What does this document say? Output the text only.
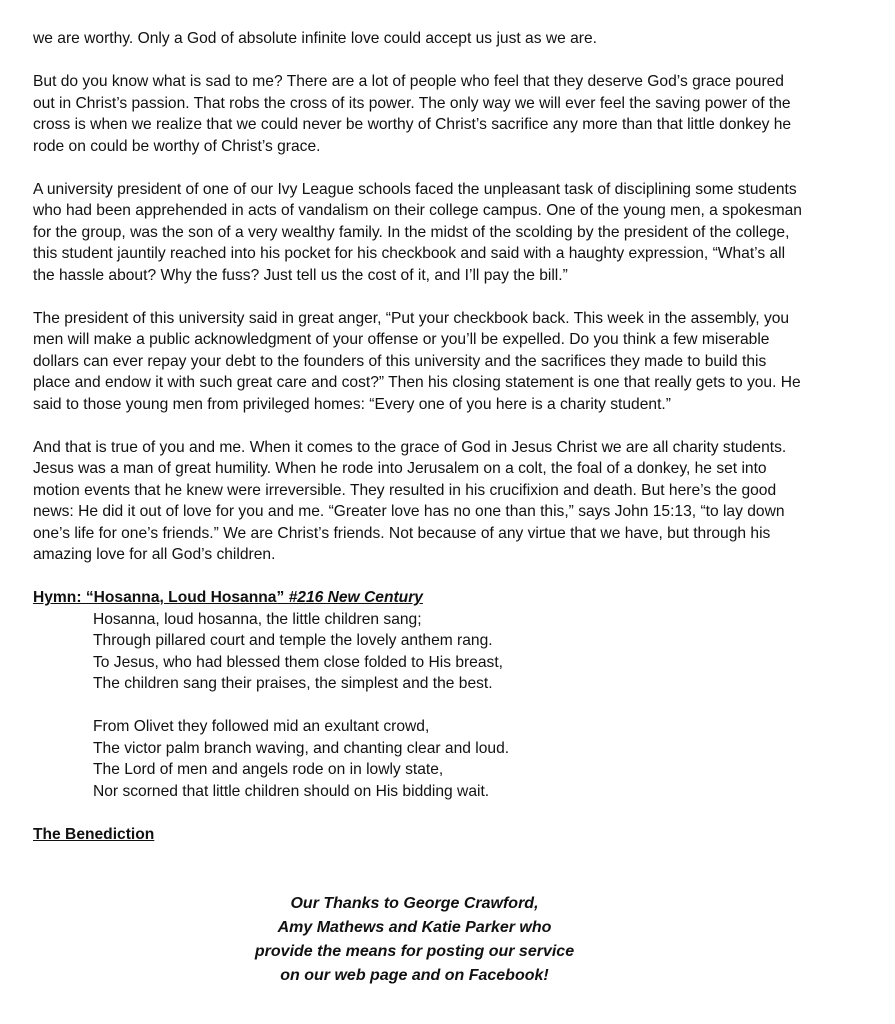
we are worthy. Only a God of absolute infinite love could accept us just as we are.

But do you know what is sad to me? There are a lot of people who feel that they deserve God’s grace poured
out in Christ’s passion. That robs the cross of its power. The only way we will ever feel the saving power of the
cross is when we realize that we could never be worthy of Christ’s sacrifice any more than that little donkey he
rode on could be worthy of Christ’s grace.

A university president of one of our Ivy League schools faced the unpleasant task of disciplining some students
who had been apprehended in acts of vandalism on their college campus. One of the young men, a spokesman
for the group, was the son of a very wealthy family. In the midst of the scolding by the president of the college,
this student jauntily reached into his pocket for his checkbook and said with a haughty expression, “What’s all
the hassle about? Why the fuss? Just tell us the cost of it, and I’ll pay the bill.”

The president of this university said in great anger, “Put your checkbook back. This week in the assembly, you
men will make a public acknowledgment of your offense or you’ll be expelled. Do you think a few miserable
dollars can ever repay your debt to the founders of this university and the sacrifices they made to build this
place and endow it with such great care and cost?” Then his closing statement is one that really gets to you. He
said to those young men from privileged homes: “Every one of you here is a charity student.”

And that is true of you and me. When it comes to the grace of God in Jesus Christ we are all charity students.
Jesus was a man of great humility. When he rode into Jerusalem on a colt, the foal of a donkey, he set into
motion events that he knew were irreversible. They resulted in his crucifixion and death. But here’s the good
news: He did it out of love for you and me. “Greater love has no one than this,” says John 15:13, “to lay down
one’s life for one’s friends.” We are Christ’s friends. Not because of any virtue that we have, but through his
amazing love for all God’s children.

Hymn: “Hosanna, Loud Hosanna” #216 New Century

Hosanna, loud hosanna, the little children sang;
Through pillared court and temple the lovely anthem rang.
To Jesus, who had blessed them close folded to His breast,
The children sang their praises, the simplest and the best.
From Olivet they followed mid an exultant crowd,
The victor palm branch waving, and chanting clear and loud.
The Lord of men and angels rode on in lowly state,
Nor scorned that little children should on His bidding wait.

The Benediction

Our Thanks to George Crawford,
Amy Mathews and Katie Parker who
provide the means for posting our service
on our web page and on Facebook!
